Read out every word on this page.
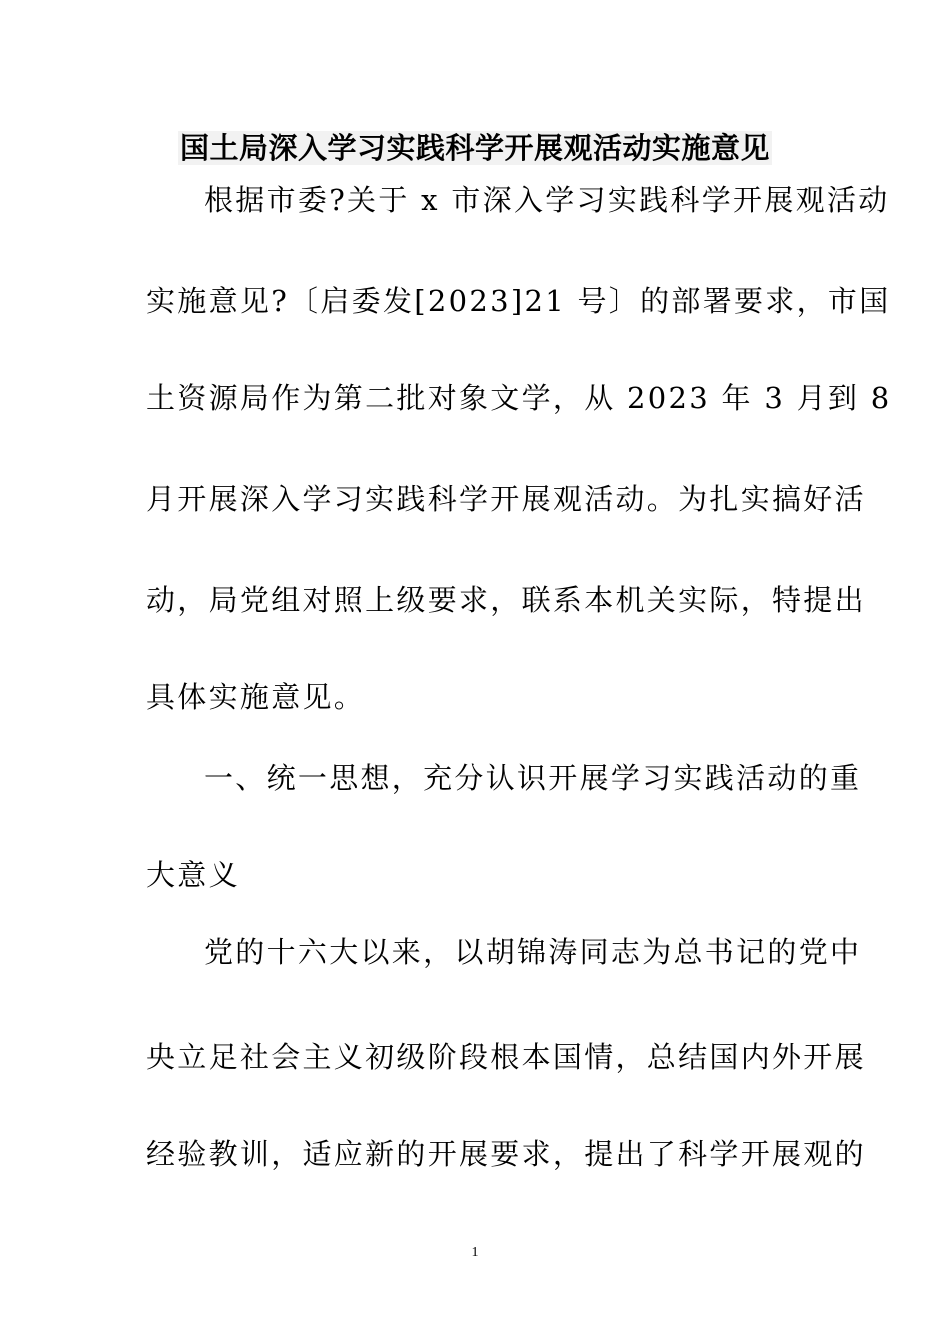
国土局深入学习实践科学开展观活动实施意见
根据市委?关于 x 市深入学习实践科学开展观活动
实施意见?〔启委发[2023]21 号〕的部署要求，市国
土资源局作为第二批对象文学，从 2023 年 3 月到 8
月开展深入学习实践科学开展观活动。为扎实搞好活
动，局党组对照上级要求，联系本机关实际，特提出
具体实施意见。
一、统一思想，充分认识开展学习实践活动的重
大意义
党的十六大以来，以胡锦涛同志为总书记的党中
央立足社会主义初级阶段根本国情，总结国内外开展
经验教训，适应新的开展要求，提出了科学开展观的
1
